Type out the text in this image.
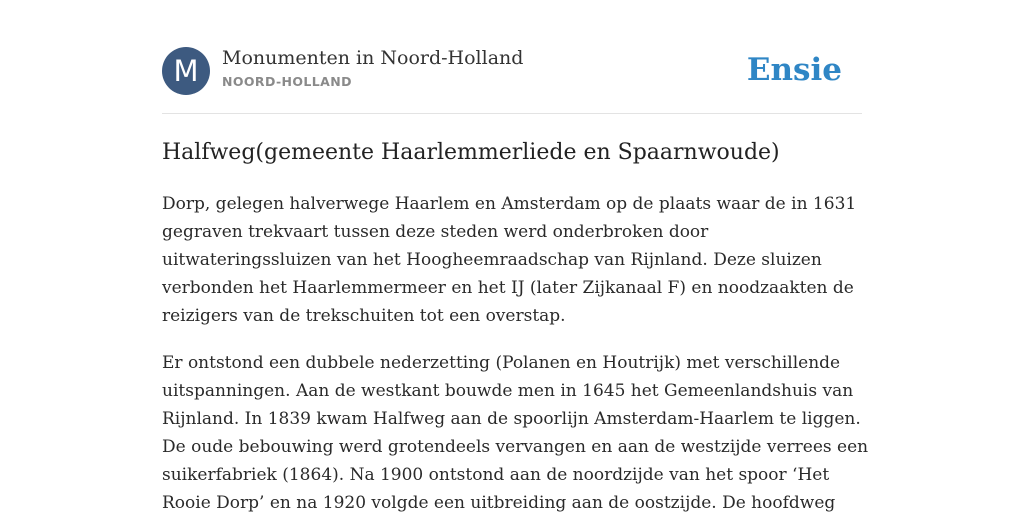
M	Monumenten in Noord-Holland
NOORD-HOLLAND	Ensie
Halfweg(gemeente Haarlemmerliede en Spaarnwoude)

Dorp, gelegen halverwege Haarlem en Amsterdam op de plaats waar de in 1631
gegraven trekvaart tussen deze steden werd onderbroken door
uitwateringssluizen van het Hoogheemraadschap van Rijnland. Deze sluizen
verbonden het Haarlemmermeer en het IJ (later Zijkanaal F) en noodzaakten de
reizigers van de trekschuiten tot een overstap.

Er ontstond een dubbele nederzetting (Polanen en Houtrijk) met verschillende
uitspanningen. Aan de westkant bouwde men in 1645 het Gemeenlandshuis van
Rijnland. In 1839 kwam Halfweg aan de spoorlijn Amsterdam-Haarlem te liggen.
De oude bebouwing werd grotendeels vervangen en aan de westzijde verrees een
suikerfabriek (1864). Na 1900 ontstond aan de noordzijde van het spoor ‘Het
Rooie Dorp’ en na 1920 volgde een uitbreiding aan de oostzijde. De hoofdweg
